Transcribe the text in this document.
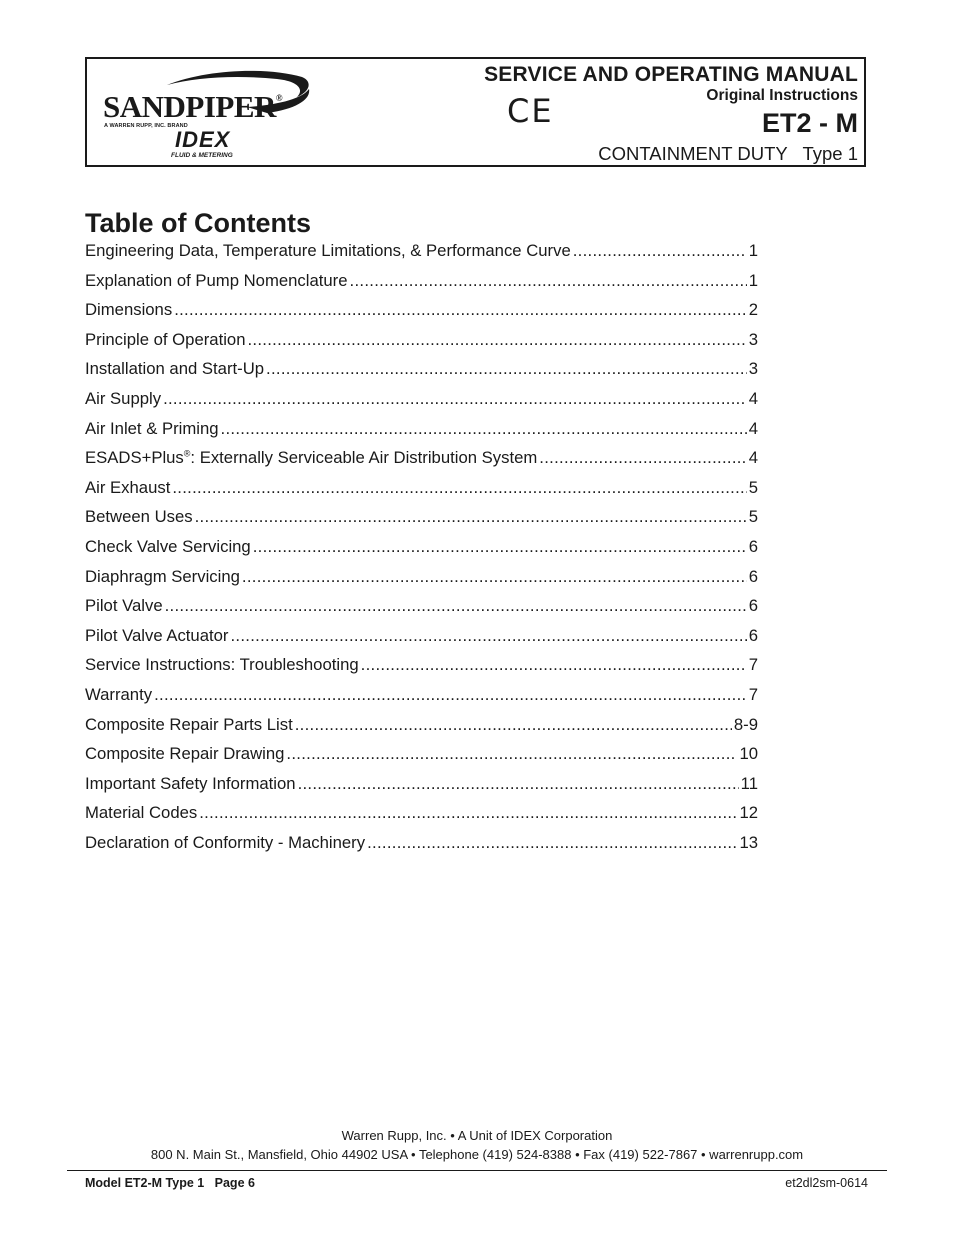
SANDPIPER®
A WARREN RUPP, INC. BRAND
IDEX
FLUID & METERING
SERVICE AND OPERATING MANUAL
Original Instructions
CE	ET2 - M
CONTAINMENT DUTY   Type 1
Table of Contents
Engineering Data, Temperature Limitations, & Performance Curve .....	1
Explanation of Pump Nomenclature .....	1
Dimensions .....	2
Principle of Operation .....	3
Installation and Start-Up .....	3
Air Supply .....	4
Air Inlet & Priming .....	4
ESADS+Plus®: Externally Serviceable Air Distribution System .....	4
Air Exhaust .....	5
Between Uses .....	5
Check Valve Servicing .....	6
Diaphragm Servicing .....	6
Pilot Valve .....	6
Pilot Valve Actuator .....	6
Service Instructions: Troubleshooting .....	7
Warranty .....	7
Composite Repair Parts List .....	8-9
Composite Repair Drawing .....	10
Important Safety Information .....	11
Material Codes .....	12
Declaration of Conformity - Machinery .....	13
Warren Rupp, Inc. • A Unit of IDEX Corporation
800 N. Main St., Mansfield, Ohio 44902 USA • Telephone (419) 524-8388 • Fax (419) 522-7867 • warrenrupp.com
Model ET2-M Type 1   Page 6	et2dl2sm-0614
